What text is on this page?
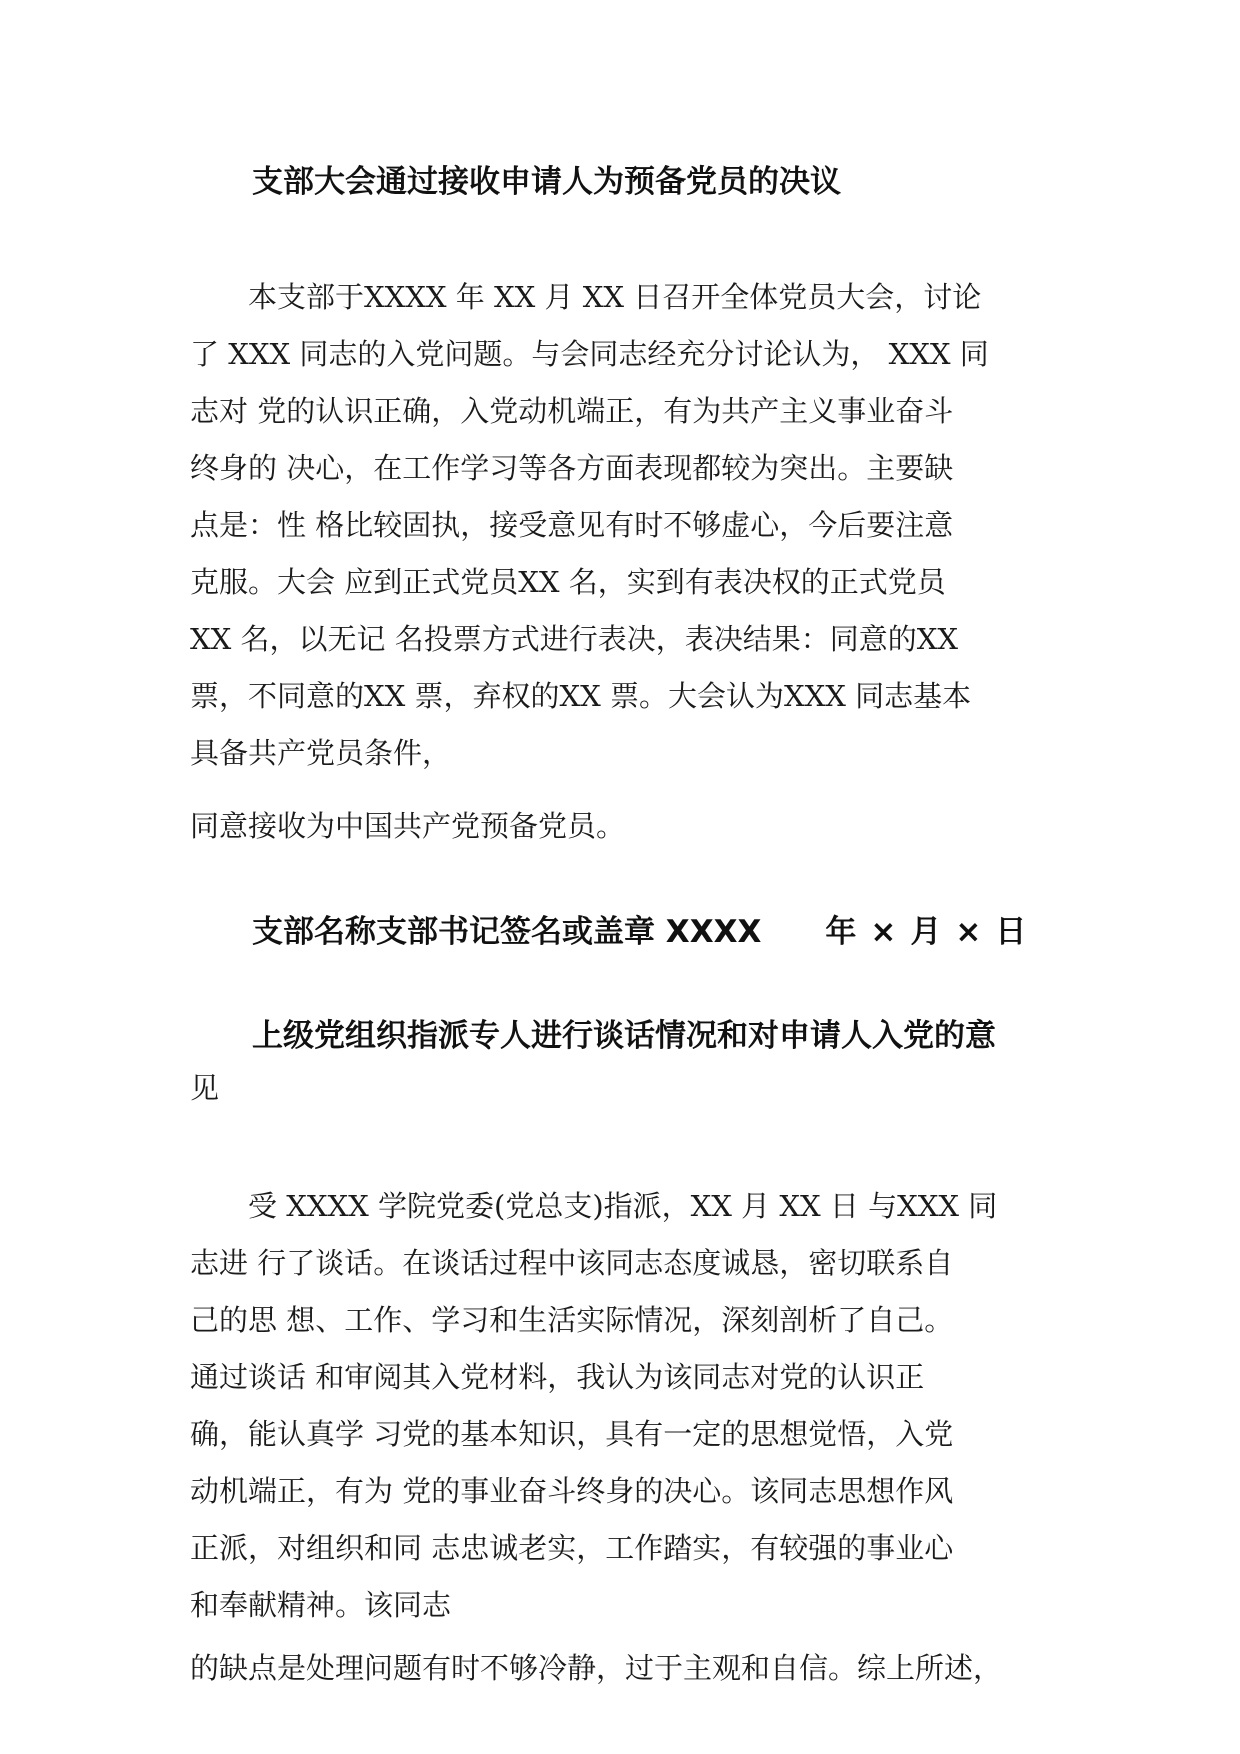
支部大会通过接收申请人为预备党员的决议
　　本支部于XXXX 年 XX 月 XX 日召开全体党员大会，讨论
了 XXX 同志的入党问题。与会同志经充分讨论认为， XXX 同
志对 党的认识正确，入党动机端正，有为共产主义事业奋斗
终身的 决心，在工作学习等各方面表现都较为突出。主要缺
点是：性 格比较固执，接受意见有时不够虚心，今后要注意
克服。大会 应到正式党员XX 名，实到有表决权的正式党员
XX 名，以无记 名投票方式进行表决，表决结果：同意的XX
票，不同意的XX 票，弃权的XX 票。大会认为XXX 同志基本
具备共产党员条件，
同意接收为中国共产党预备党员。
支部名称支部书记签名或盖章 XXXX 年 × 月 × 日
上级党组织指派专人进行谈话情况和对申请人入党的意
见
　　受 XXXX 学院党委(党总支)指派，XX 月 XX 日 与XXX 同
志进 行了谈话。在谈话过程中该同志态度诚恳，密切联系自
己的思 想、工作、学习和生活实际情况，深刻剖析了自己。
通过谈话 和审阅其入党材料，我认为该同志对党的认识正
确，能认真学 习党的基本知识，具有一定的思想觉悟，入党
动机端正，有为 党的事业奋斗终身的决心。该同志思想作风
正派，对组织和同 志忠诚老实，工作踏实，有较强的事业心
和奉献精神。该同志
的缺点是处理问题有时不够冷静，过于主观和自信。综上所述，
